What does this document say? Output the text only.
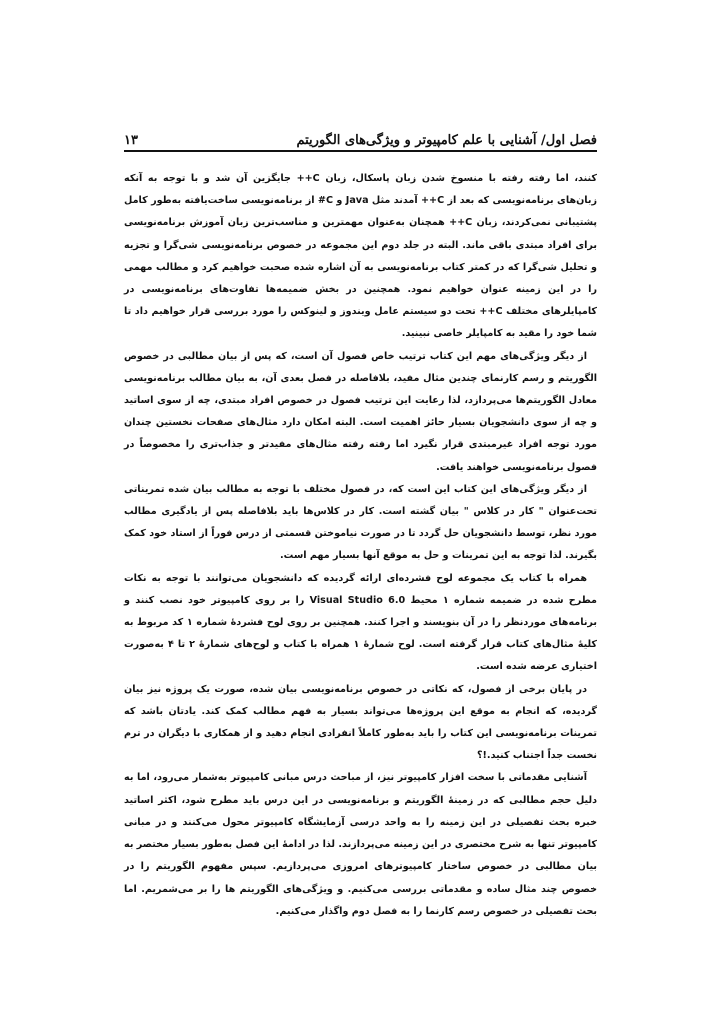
فصل اول/ آشنایی با علم کامپیوتر و ویژگی‌های الگوریتم
۱۳

کنند، اما رفته رفته با منسوخ شدن زبان پاسکال، زبان C++ جایگزین آن شد و با توجه به آنکه زبان‌های برنامه‌نویسی که بعد از C++ آمدند مثل Java و C# از برنامه‌نویسی ساخت‌یافته به‌طور کامل پشتیبانی نمی‌کردند، زبان C++ همچنان به‌عنوان مهمترین و مناسب‌ترین زبان آموزش برنامه‌نویسی برای افراد مبتدی باقی ماند. البته در جلد دوم این مجموعه در خصوص برنامه‌نویسی شی‌گرا و تجزیه و تحلیل شی‌گرا که در کمتر کتاب برنامه‌نویسی به آن اشاره شده صحبت خواهیم کرد و مطالب مهمی را در این زمینه عنوان خواهیم نمود. همچنین در بخش ضمیمه‌ها تفاوت‌های برنامه‌نویسی در کامپایلرهای مختلف C++ تحت دو سیستم عامل ویندوز و لینوکس را مورد بررسی قرار خواهیم داد تا شما خود را مقید به کامپایلر خاصی نبینید.

از دیگر ویژگی‌های مهم این کتاب ترتیب خاص فصول آن است، که پس از بیان مطالبی در خصوص الگوریتم و رسم کارنمای چندین مثال مفید، بلافاصله در فصل بعدی آن، به بیان مطالب برنامه‌نویسی معادل الگوریتم‌ها می‌پردازد، لذا رعایت این ترتیب فصول در خصوص افراد مبتدی، چه از سوی اساتید و چه از سوی دانشجویان بسیار حائز اهمیت است. البته امکان دارد مثال‌های صفحات نخستین چندان مورد توجه افراد غیرمبتدی قرار نگیرد اما رفته رفته مثال‌های مفیدتر و جذاب‌تری را مخصوصاً در فصول برنامه‌نویسی خواهند یافت.

از دیگر ویژگی‌های این کتاب این است که، در فصول مختلف با توجه به مطالب بیان شده تمریناتی تحت‌عنوان " کار در کلاس " بیان گشته است. کار در کلاس‌ها باید بلافاصله پس از یادگیری مطالب مورد نظر، توسط دانشجویان حل گردد تا در صورت نیاموختن قسمتی از درس فوراً از استاد خود کمک بگیرند. لذا توجه به این تمرینات و حل به موقع آنها بسیار مهم است.

همراه با کتاب یک مجموعه لوح فشرده‌ای ارائه گردیده که دانشجویان می‌توانند با توجه به نکات مطرح شده در ضمیمه شماره ۱ محیط Visual Studio 6.0 را بر روی کامپیوتر خود نصب کنند و برنامه‌های موردنظر را در آن بنویسند و اجرا کنند. همچنین بر روی لوح فشردهٔ شماره ۱ کد مربوط به کلیهٔ مثال‌های کتاب قرار گرفته است. لوح شمارهٔ ۱ همراه با کتاب و لوح‌های شمارهٔ ۲ تا ۴ به‌صورت اختیاری عرضه شده است.

در پایان برخی از فصول، که نکاتی در خصوص برنامه‌نویسی بیان شده، صورت یک پروژه نیز بیان گردیده، که انجام به موقع این پروژه‌ها می‌تواند بسیار به فهم مطالب کمک کند. یادتان باشد که تمرینات برنامه‌نویسی این کتاب را باید به‌طور کاملاً انفرادی انجام دهید و از همکاری با دیگران در ترم نخست جداً اجتناب کنید.!؟

آشنایی مقدماتی با سخت افزار کامپیوتر نیز، از مباحث درس مبانی کامپیوتر به‌شمار می‌رود، اما به دلیل حجم مطالبی که در زمینهٔ الگوریتم و برنامه‌نویسی در این درس باید مطرح شود، اکثر اساتید خبره بحث تفصیلی در این زمینه را به واحد درسی آزمایشگاه کامپیوتر محول می‌کنند و در مبانی کامپیوتر تنها به شرح مختصری در این زمینه می‌پردازند. لذا در ادامهٔ این فصل به‌طور بسیار مختصر به بیان مطالبی در خصوص ساختار کامپیوترهای امروزی می‌پردازیم. سپس مفهوم الگوریتم را در خصوص چند مثال ساده و مقدماتی بررسی می‌کنیم. و ویژگی‌های الگوریتم ها را بر می‌شمریم. اما بحث تفصیلی در خصوص رسم کارنما را به فصل دوم واگذار می‌کنیم.
